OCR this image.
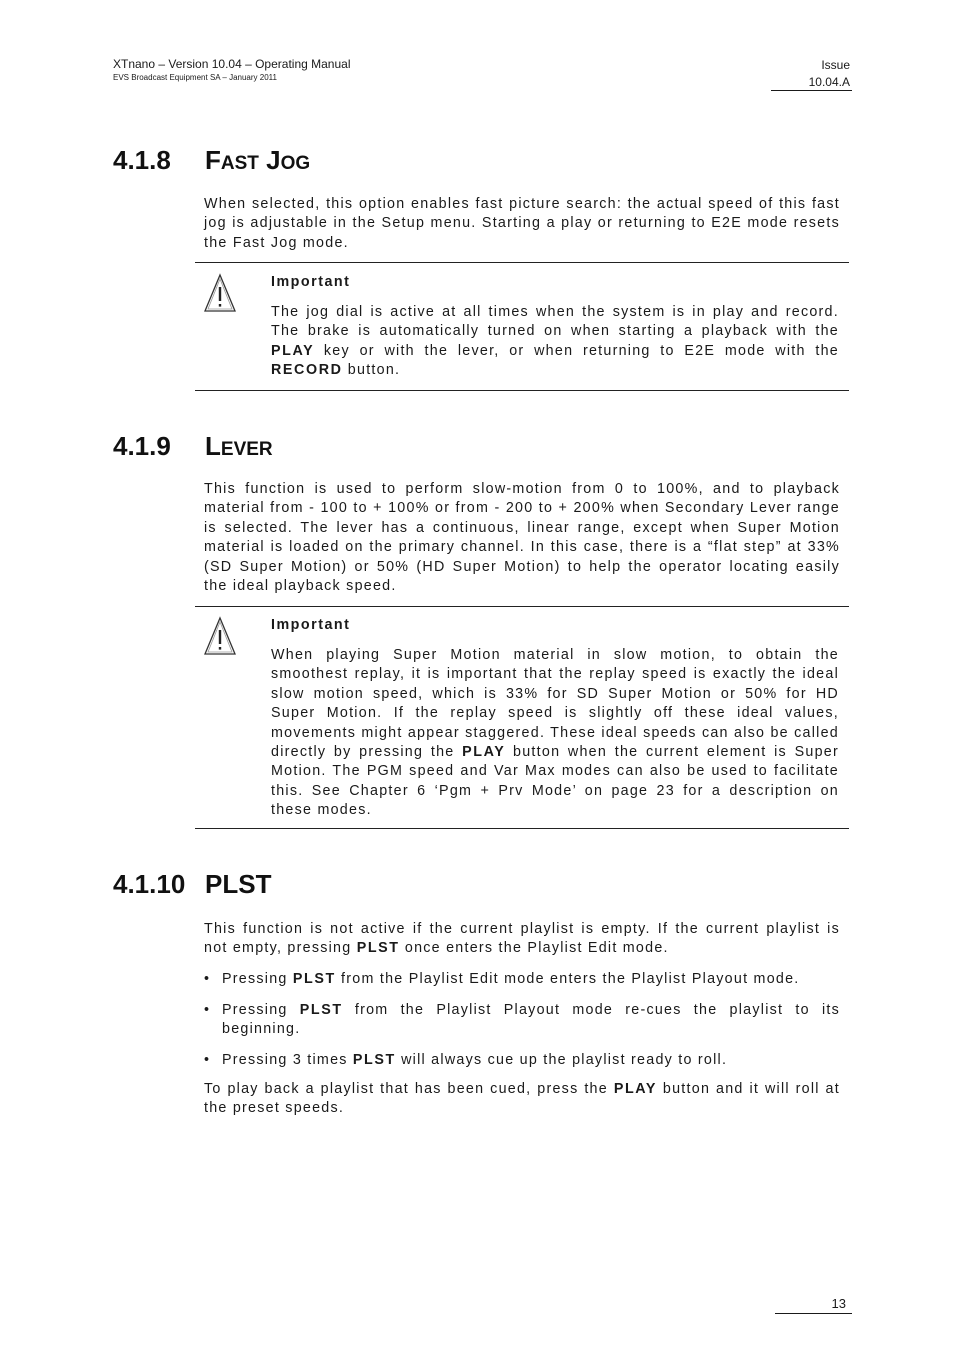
XTnano – Version 10.04 – Operating Manual
EVS Broadcast Equipment SA – January 2011
Issue
10.04.A
4.1.8 FAST JOG
When selected, this option enables fast picture search: the actual speed of this fast jog is adjustable in the Setup menu. Starting a play or returning to E2E mode resets the Fast Jog mode.
Important
The jog dial is active at all times when the system is in play and record. The brake is automatically turned on when starting a playback with the PLAY key or with the lever, or when returning to E2E mode with the RECORD button.
4.1.9 LEVER
This function is used to perform slow-motion from 0 to 100%, and to playback material from - 100 to + 100% or from - 200 to + 200% when Secondary Lever range is selected. The lever has a continuous, linear range, except when Super Motion material is loaded on the primary channel. In this case, there is a “flat step” at 33% (SD Super Motion) or 50% (HD Super Motion) to help the operator locating easily the ideal playback speed.
Important
When playing Super Motion material in slow motion, to obtain the smoothest replay, it is important that the replay speed is exactly the ideal slow motion speed, which is 33% for SD Super Motion or 50% for HD Super Motion. If the replay speed is slightly off these ideal values, movements might appear staggered. These ideal speeds can also be called directly by pressing the PLAY button when the current element is Super Motion. The PGM speed and Var Max modes can also be used to facilitate this. See Chapter 6 ‘Pgm + Prv Mode’ on page 23 for a description on these modes.
4.1.10 PLST
This function is not active if the current playlist is empty. If the current playlist is not empty, pressing PLST once enters the Playlist Edit mode.
• Pressing PLST from the Playlist Edit mode enters the Playlist Playout mode.
• Pressing PLST from the Playlist Playout mode re-cues the playlist to its beginning.
• Pressing 3 times PLST will always cue up the playlist ready to roll.
To play back a playlist that has been cued, press the PLAY button and it will roll at the preset speeds.
13
